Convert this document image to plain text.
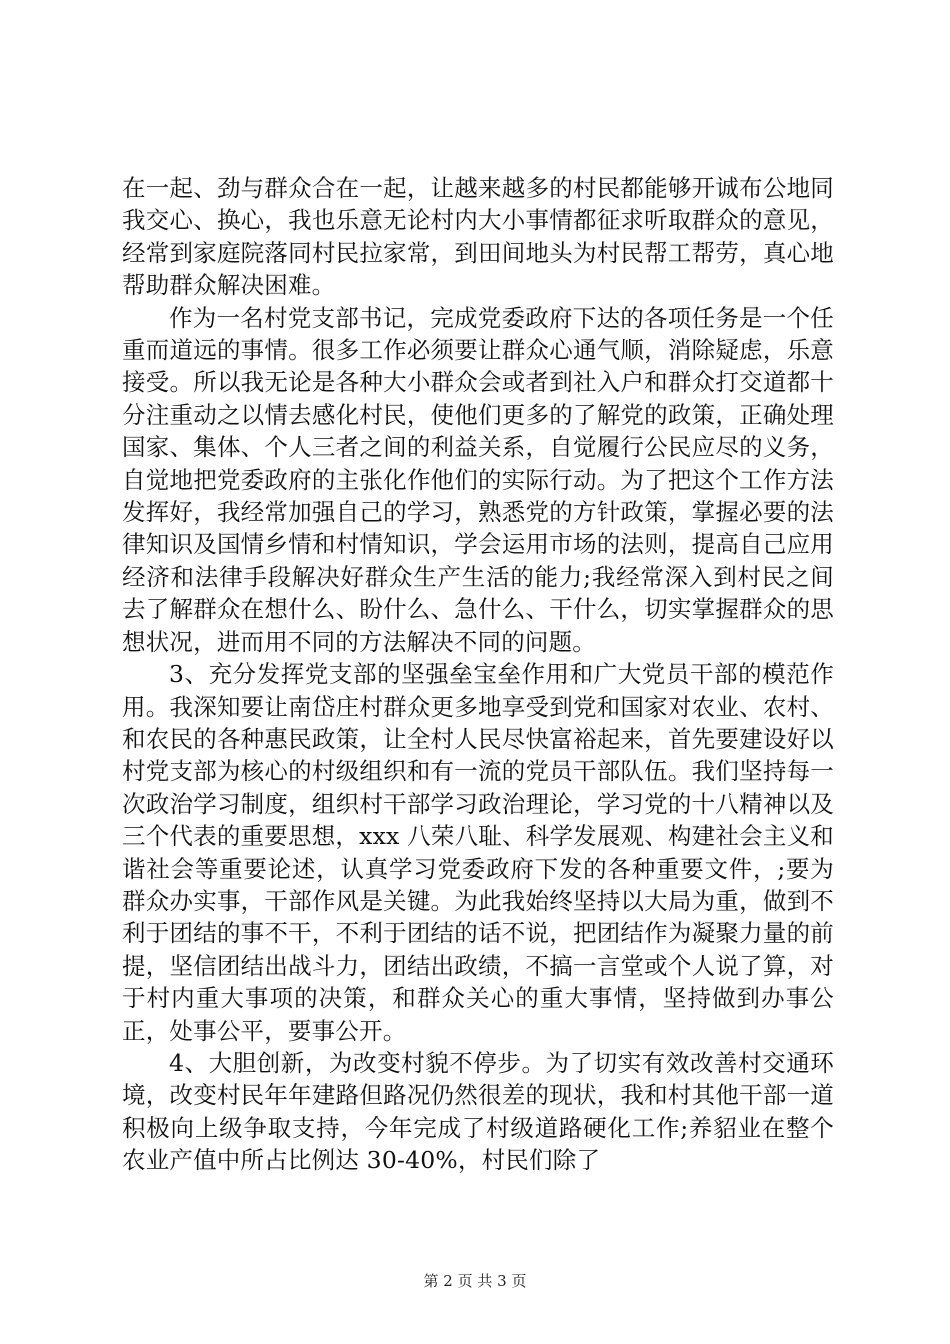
在一起、劲与群众合在一起，让越来越多的村民都能够开诚布公地同我交心、换心，我也乐意无论村内大小事情都征求听取群众的意见，经常到家庭院落同村民拉家常，到田间地头为村民帮工帮劳，真心地帮助群众解决困难。

作为一名村党支部书记，完成党委政府下达的各项任务是一个任重而道远的事情。很多工作必须要让群众心通气顺，消除疑虑，乐意接受。所以我无论是各种大小群众会或者到社入户和群众打交道都十分注重动之以情去感化村民，使他们更多的了解党的政策，正确处理国家、集体、个人三者之间的利益关系，自觉履行公民应尽的义务，自觉地把党委政府的主张化作他们的实际行动。为了把这个工作方法发挥好，我经常加强自己的学习，熟悉党的方针政策，掌握必要的法律知识及国情乡情和村情知识，学会运用市场的法则，提高自己应用经济和法律手段解决好群众生产生活的能力;我经常深入到村民之间去了解群众在想什么、盼什么、急什么、干什么，切实掌握群众的思想状况，进而用不同的方法解决不同的问题。

3、充分发挥党支部的坚强垒宝垒作用和广大党员干部的模范作用。我深知要让南岱庄村群众更多地享受到党和国家对农业、农村、和农民的各种惠民政策，让全村人民尽快富裕起来，首先要建设好以村党支部为核心的村级组织和有一流的党员干部队伍。我们坚持每一次政治学习制度，组织村干部学习政治理论，学习党的十八精神以及三个代表的重要思想，xxx 八荣八耻、科学发展观、构建社会主义和谐社会等重要论述，认真学习党委政府下发的各种重要文件，;要为群众办实事，干部作风是关键。为此我始终坚持以大局为重，做到不利于团结的事不干，不利于团结的话不说，把团结作为凝聚力量的前提，坚信团结出战斗力，团结出政绩，不搞一言堂或个人说了算，对于村内重大事项的决策，和群众关心的重大事情，坚持做到办事公正，处事公平，要事公开。

4、大胆创新，为改变村貌不停步。为了切实有效改善村交通环境，改变村民年年建路但路况仍然很差的现状，我和村其他干部一道积极向上级争取支持，今年完成了村级道路硬化工作;养貂业在整个农业产值中所占比例达 30-40%，村民们除了

第 2 页 共 3 页
